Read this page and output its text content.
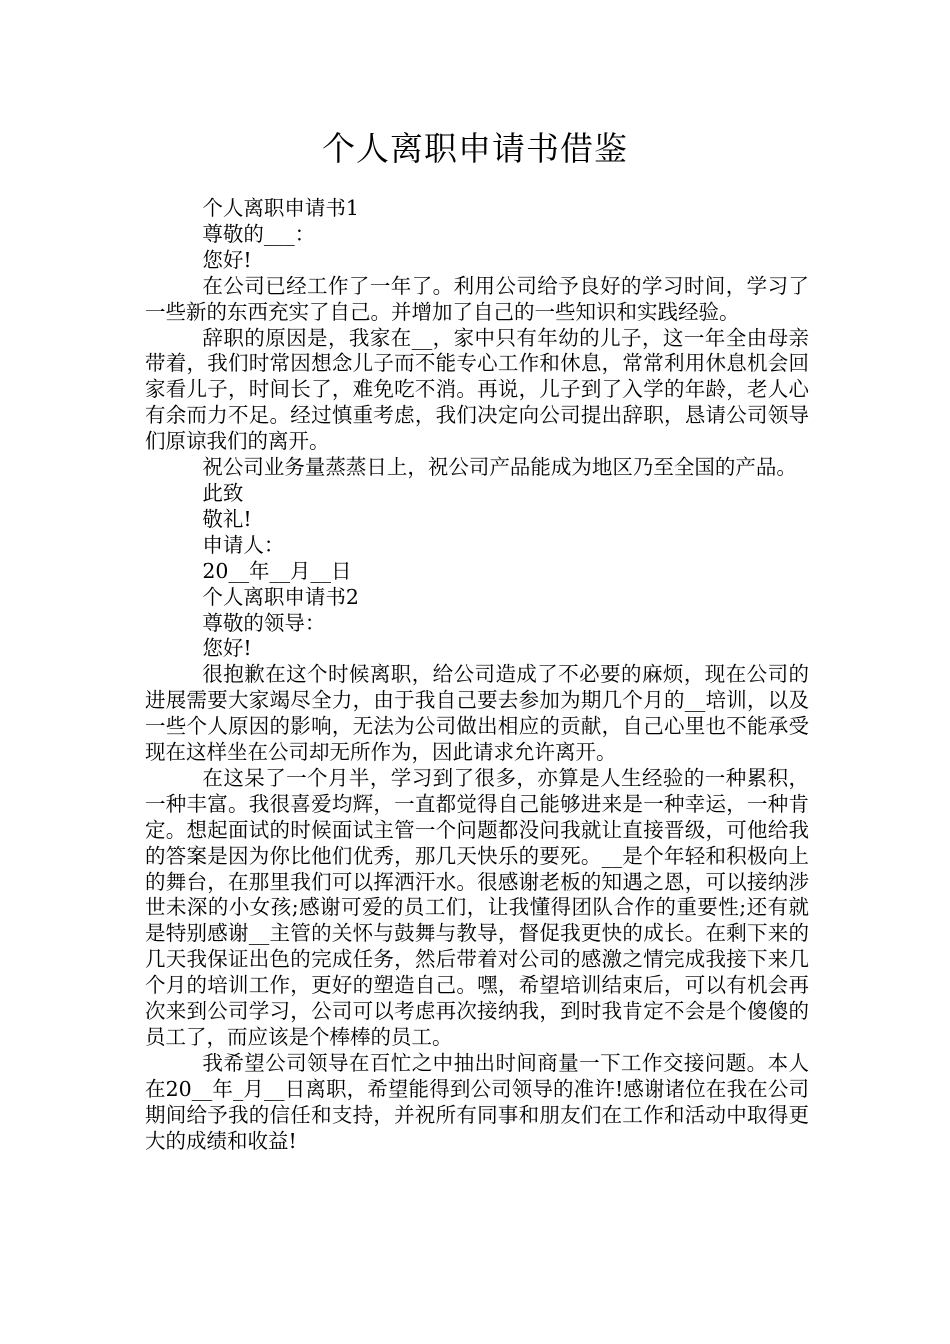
个人离职申请书借鉴

个人离职申请书1

尊敬的___：

您好!

在公司已经工作了一年了。利用公司给予良好的学习时间，学习了一些新的东西充实了自己。并增加了自己的一些知识和实践经验。

辞职的原因是，我家在__，家中只有年幼的儿子，这一年全由母亲带着，我们时常因想念儿子而不能专心工作和休息，常常利用休息机会回家看儿子，时间长了，难免吃不消。再说，儿子到了入学的年龄，老人心有余而力不足。经过慎重考虑，我们决定向公司提出辞职，恳请公司领导们原谅我们的离开。

祝公司业务量蒸蒸日上，祝公司产品能成为地区乃至全国的产品。

此致

敬礼!

申请人：

20__年__月__日

个人离职申请书2

尊敬的领导：

您好!

很抱歉在这个时候离职，给公司造成了不必要的麻烦，现在公司的进展需要大家竭尽全力，由于我自己要去参加为期几个月的__培训，以及一些个人原因的影响，无法为公司做出相应的贡献，自己心里也不能承受现在这样坐在公司却无所作为，因此请求允许离开。

在这呆了一个月半，学习到了很多，亦算是人生经验的一种累积，一种丰富。我很喜爱均辉，一直都觉得自己能够进来是一种幸运，一种肯定。想起面试的时候面试主管一个问题都没问我就让直接晋级，可他给我的答案是因为你比他们优秀，那几天快乐的要死。__是个年轻和积极向上的舞台，在那里我们可以挥洒汗水。很感谢老板的知遇之恩，可以接纳涉世未深的小女孩;感谢可爱的员工们，让我懂得团队合作的重要性;还有就是特别感谢__主管的关怀与鼓舞与教导，督促我更快的成长。在剩下来的几天我保证出色的完成任务，然后带着对公司的感激之情完成我接下来几个月的培训工作，更好的塑造自己。嘿，希望培训结束后，可以有机会再次来到公司学习，公司可以考虑再次接纳我，到时我肯定不会是个傻傻的员工了，而应该是个棒棒的员工。

我希望公司领导在百忙之中抽出时间商量一下工作交接问题。本人在20__年_月__日离职，希望能得到公司领导的准许!感谢诸位在我在公司期间给予我的信任和支持，并祝所有同事和朋友们在工作和活动中取得更大的成绩和收益!
